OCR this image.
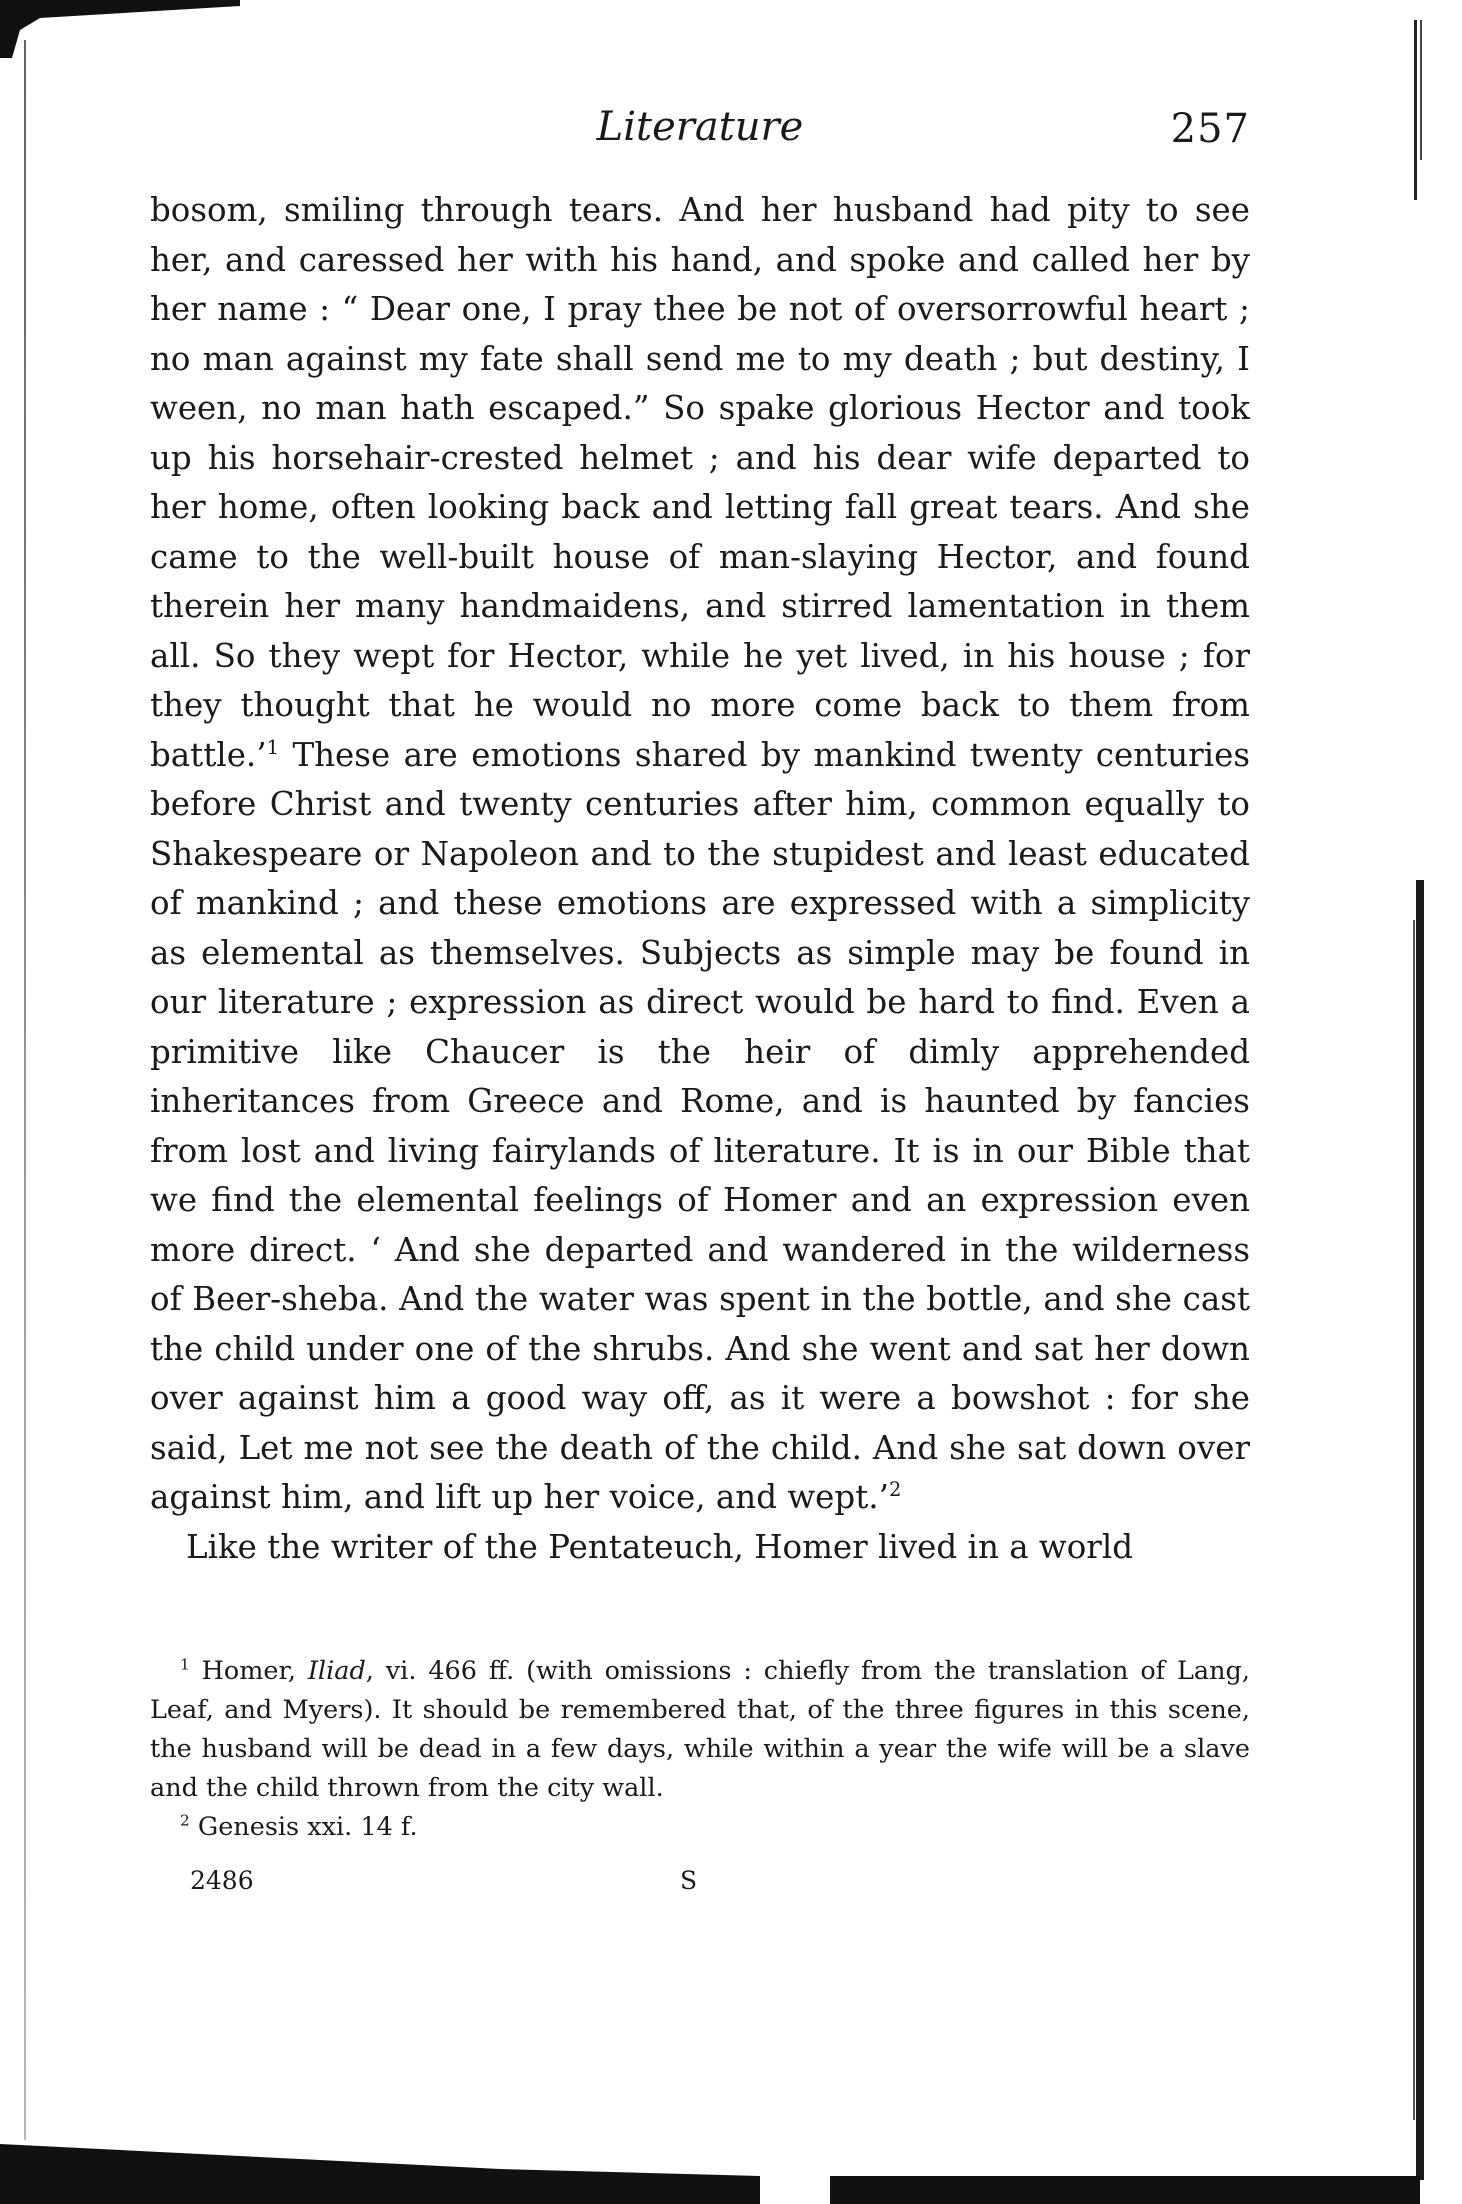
Literature	257

bosom, smiling through tears. And her husband had pity to see her, and caressed her with his hand, and spoke and called her by her name : “ Dear one, I pray thee be not of oversorrowful heart ; no man against my fate shall send me to my death ; but destiny, I ween, no man hath escaped.” So spake glorious Hector and took up his horsehair-crested helmet ; and his dear wife departed to her home, often looking back and letting fall great tears. And she came to the well-built house of man-slaying Hector, and found therein her many handmaidens, and stirred lamentation in them all. So they wept for Hector, while he yet lived, in his house ; for they thought that he would no more come back to them from battle.’$^1$ These are emotions shared by mankind twenty centuries before Christ and twenty centuries after him, common equally to Shakespeare or Napoleon and to the stupidest and least educated of mankind ; and these emotions are expressed with a simplicity as elemental as themselves. Subjects as simple may be found in our literature ; expression as direct would be hard to find. Even a primitive like Chaucer is the heir of dimly apprehended inheritances from Greece and Rome, and is haunted by fancies from lost and living fairylands of literature. It is in our Bible that we find the elemental feelings of Homer and an expression even more direct. ‘ And she departed and wandered in the wilderness of Beer-sheba. And the water was spent in the bottle, and she cast the child under one of the shrubs. And she went and sat her down over against him a good way off, as it were a bowshot : for she said, Let me not see the death of the child. And she sat down over against him, and lift up her voice, and wept.’$^2$

Like the writer of the Pentateuch, Homer lived in a world

$^1$ Homer, Iliad, vi. 466 ff. (with omissions : chiefly from the translation of Lang, Leaf, and Myers). It should be remembered that, of the three figures in this scene, the husband will be dead in a few days, while within a year the wife will be a slave and the child thrown from the city wall.

$^2$ Genesis xxi. 14 f.

2486	S
